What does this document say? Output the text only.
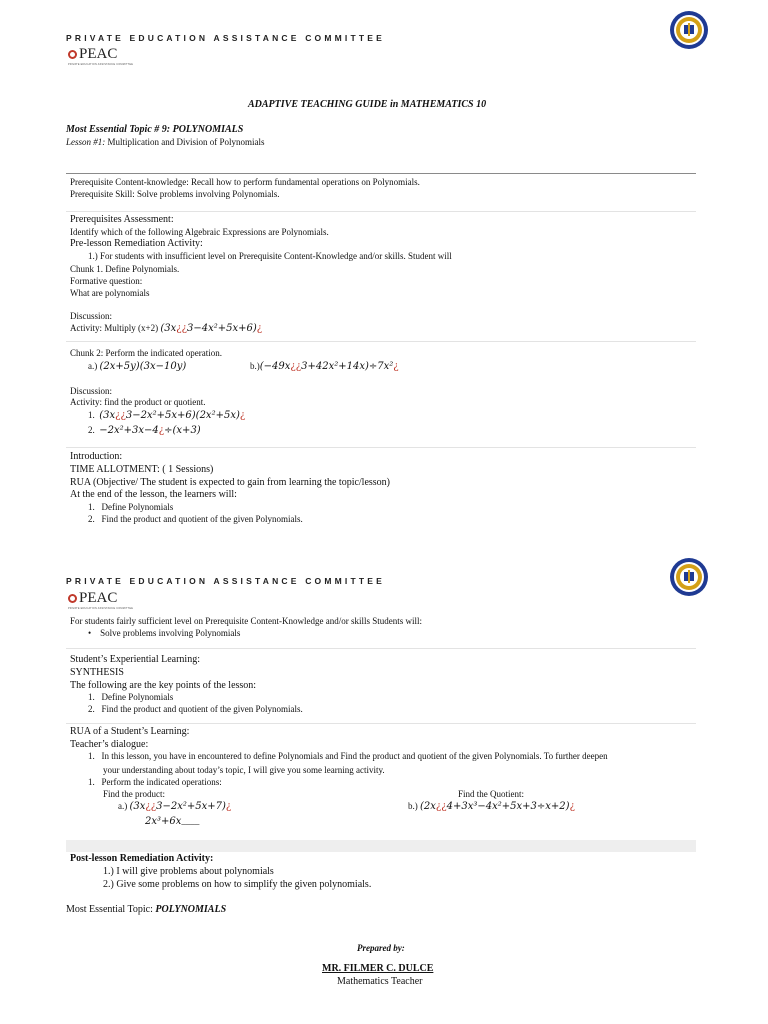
PRIVATE EDUCATION ASSISTANCE COMMITTEE
PEAC
PRIVATE EDUCATION ASSISTANCE COMMITTEE
ADAPTIVE TEACHING GUIDE in MATHEMATICS 10
Most Essential Topic # 9: POLYNOMIALS
Lesson #1: Multiplication and Division of Polynomials
Prerequisite Content-knowledge: Recall how to perform fundamental operations on Polynomials.
Prerequisite Skill: Solve problems involving Polynomials.
Prerequisites Assessment:
Identify which of the following Algebraic Expressions are Polynomials.
Pre-lesson Remediation Activity:
1.) For students with insufficient level on Prerequisite Content-Knowledge and/or skills. Student will
Chunk 1. Define Polynomials.
Formative question:
What are polynomials
Discussion:
Activity: Multiply (x+2) (3x¿¿3−4x²+5x+6)¿
Chunk 2: Perform the indicated operation.
a.) (2x+5y)(3x−10y)	b.)(−49x¿¿3+42x²+14x)÷7x²¿
Discussion:
Activity: find the product or quotient.
1. (3x¿¿3−2x²+5x+6)(2x²+5x)¿
2. −2x²+3x−4¿÷(x+3)
Introduction:
TIME ALLOTMENT: ( 1 Sessions)
RUA (Objective/ The student is expected to gain from learning the topic/lesson)
At the end of the lesson, the learners will:
1. Define Polynomials
2. Find the product and quotient of the given Polynomials.
PRIVATE EDUCATION ASSISTANCE COMMITTEE
PEAC
PRIVATE EDUCATION ASSISTANCE COMMITTEE
For students fairly sufficient level on Prerequisite Content-Knowledge and/or skills Students will:
• Solve problems involving Polynomials
Student’s Experiential Learning:
SYNTHESIS
The following are the key points of the lesson:
1. Define Polynomials
2. Find the product and quotient of the given Polynomials.
RUA of a Student’s Learning:
Teacher’s dialogue:
1. In this lesson, you have in encountered to define Polynomials and Find the product and quotient of the given Polynomials. To further deepen
your understanding about today’s topic, I will give you some learning activity.
1. Perform the indicated operations:
Find the product:	Find the Quotient:
a.) (3x¿¿3−2x²+5x+7)¿
2x³+6x____
b.) (2x¿¿4+3x³−4x²+5x+3÷x+2)¿
Post-lesson Remediation Activity:
1.) I will give problems about polynomials
2.) Give some problems on how to simplify the given polynomials.
Most Essential Topic: POLYNOMIALS
Prepared by:
MR. FILMER C. DULCE
Mathematics Teacher
